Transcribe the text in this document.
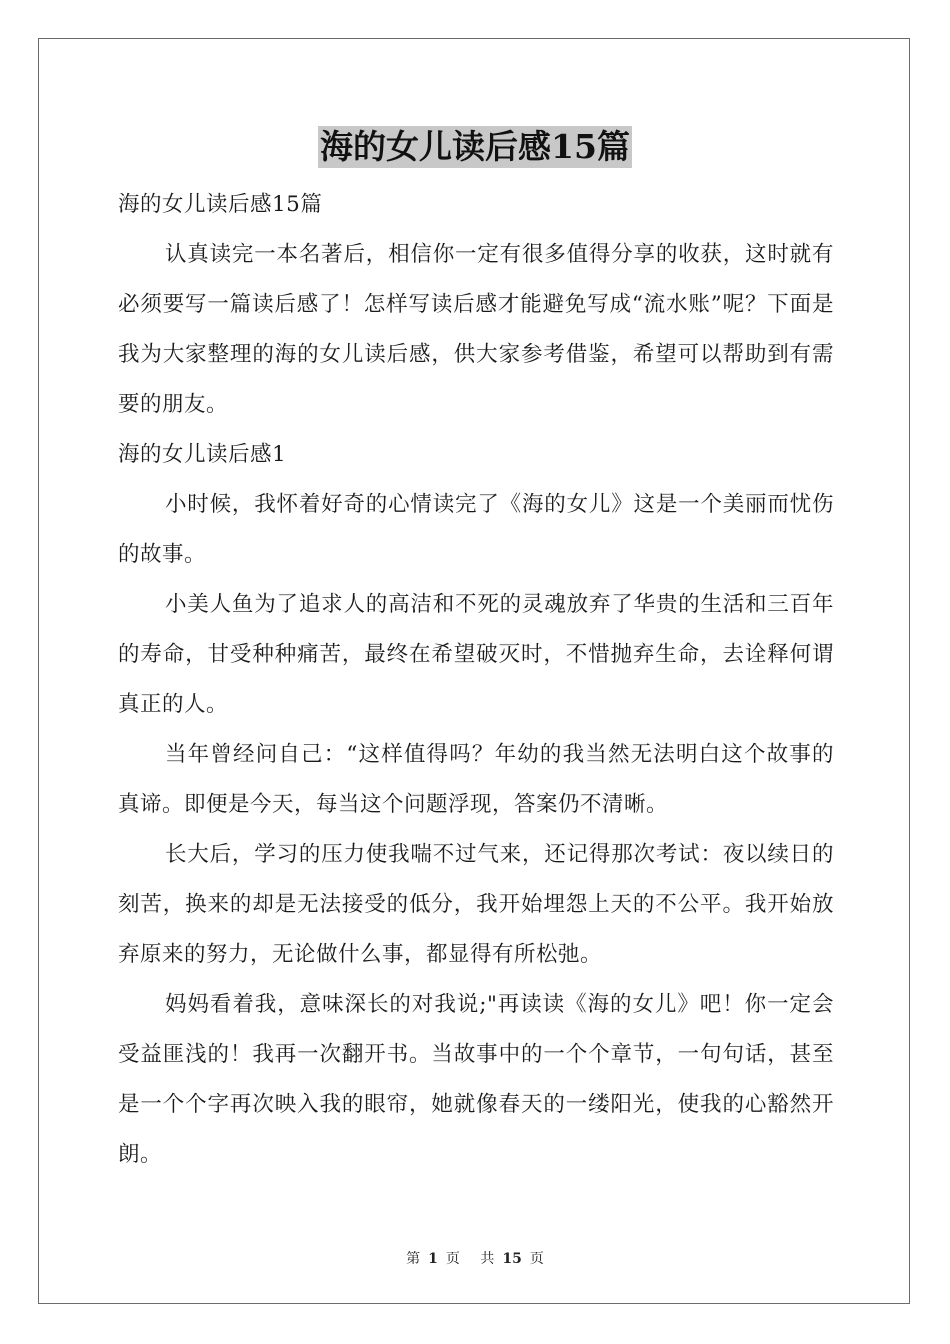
海的女儿读后感15篇

海的女儿读后感15篇

认真读完一本名著后，相信你一定有很多值得分享的收获，这时就有必须要写一篇读后感了！怎样写读后感才能避免写成“流水账”呢？下面是我为大家整理的海的女儿读后感，供大家参考借鉴，希望可以帮助到有需要的朋友。

海的女儿读后感1

小时候，我怀着好奇的心情读完了《海的女儿》这是一个美丽而忧伤的故事。

小美人鱼为了追求人的高洁和不死的灵魂放弃了华贵的生活和三百年的寿命，甘受种种痛苦，最终在希望破灭时，不惜抛弃生命，去诠释何谓真正的人。

当年曾经问自己：“这样值得吗？年幼的我当然无法明白这个故事的真谛。即便是今天，每当这个问题浮现，答案仍不清晰。

长大后，学习的压力使我喘不过气来，还记得那次考试：夜以续日的刻苦，换来的却是无法接受的低分，我开始埋怨上天的不公平。我开始放弃原来的努力，无论做什么事，都显得有所松弛。

妈妈看着我，意味深长的对我说;"再读读《海的女儿》吧！你一定会受益匪浅的！我再一次翻开书。当故事中的一个个章节，一句句话，甚至是一个个字再次映入我的眼帘，她就像春天的一缕阳光，使我的心豁然开朗。

第 1 页 共 15 页
